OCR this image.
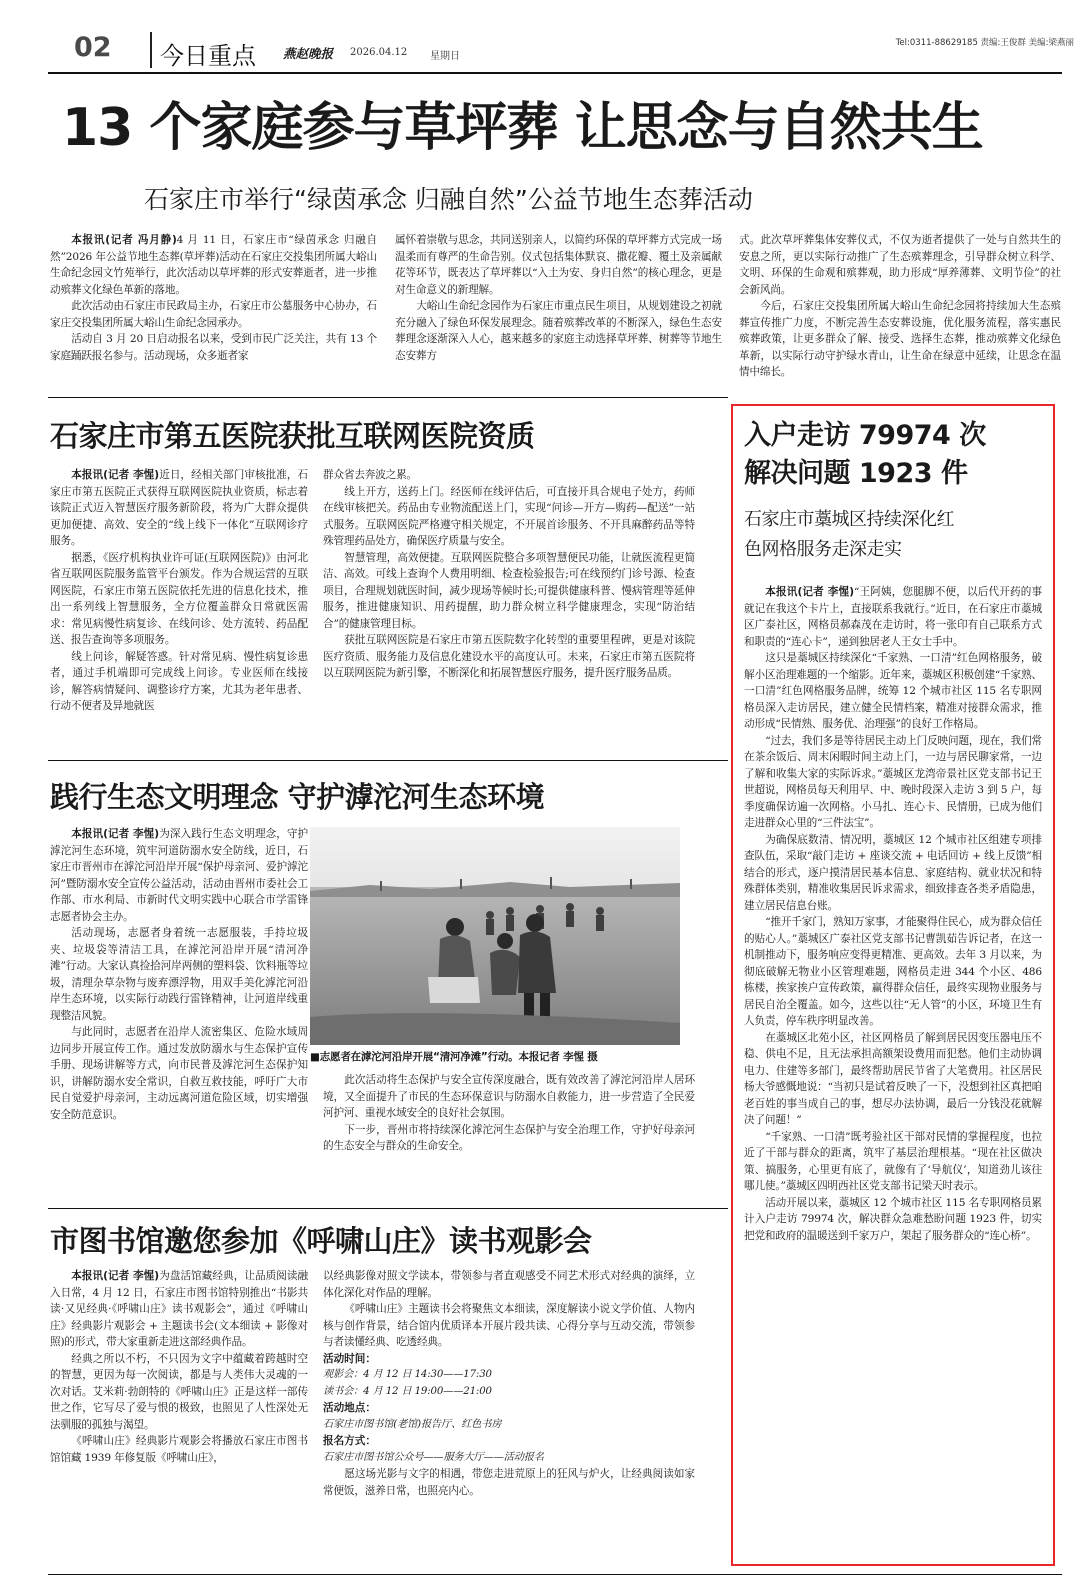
02 今日重点 燕赵晚报 2026.04.12 星期日
Tel:0311-88629185 责编:王俊群 美编:梁燕丽
13 个家庭参与草坪葬 让思念与自然共生
石家庄市举行“绿茵承念 归融自然”公益节地生态葬活动
本报讯(记者 冯月静)4 月 11 日，石家庄市“绿茵承念 归融自然”2026 年公益节地生态葬(草坪葬)活动在石家庄交投集团所属大峪山生命纪念园文竹苑举行，此次活动以草坪葬的形式安葬逝者，进一步推动殡葬文化绿色革新的落地。
此次活动由石家庄市民政局主办，石家庄市公墓服务中心协办，石家庄交投集团所属大峪山生命纪念园承办。
活动自 3 月 20 日启动报名以来，受到市民广泛关注，共有 13 个家庭踊跃报名参与。活动现场，众多逝者家
属怀着崇敬与思念，共同送别亲人，以简约环保的草坪葬方式完成一场温柔而有尊严的生命告别。仪式包括集体默哀、撒花瓣、覆土及亲属献花等环节，既表达了草坪葬以“入土为安、身归自然”的核心理念，更是对生命意义的新理解。
大峪山生命纪念园作为石家庄市重点民生项目，从规划建设之初就充分融入了绿色环保发展理念。随着殡葬改革的不断深入，绿色生态安葬理念逐渐深入人心，越来越多的家庭主动选择草坪葬、树葬等节地生态安葬方
式。此次草坪葬集体安葬仪式，不仅为逝者提供了一处与自然共生的安息之所，更以实际行动推广了生态殡葬理念，引导群众树立科学、文明、环保的生命观和殡葬观，助力形成“厚养薄葬、文明节俭”的社会新风尚。
今后，石家庄交投集团所属大峪山生命纪念园将持续加大生态殡葬宣传推广力度，不断完善生态安葬设施，优化服务流程，落实惠民殡葬政策，让更多群众了解、接受、选择生态葬，推动殡葬文化绿色革新，以实际行动守护绿水青山，让生命在绿意中延续，让思念在温情中绵长。
石家庄市第五医院获批互联网医院资质
本报讯(记者 李惺)近日，经相关部门审核批准，石家庄市第五医院正式获得互联网医院执业资质，标志着该院正式迈入智慧医疗服务新阶段，将为广大群众提供更加便捷、高效、安全的“线上线下一体化”互联网诊疗服务。
据悉，《医疗机构执业许可证(互联网医院)》由河北省互联网医院服务监管平台颁发。作为合规运营的互联网医院，石家庄市第五医院依托先进的信息化技术，推出一系列线上智慧服务，全方位覆盖群众日常就医需求：常见病慢性病复诊、在线问诊、处方流转、药品配送、报告查询等多项服务。
线上问诊，解疑答惑。针对常见病、慢性病复诊患者，通过手机端即可完成线上问诊。专业医师在线接诊，解答病情疑问、调整诊疗方案，尤其为老年患者、行动不便者及异地就医
群众省去奔波之累。
线上开方，送药上门。经医师在线评估后，可直接开具合规电子处方，药师在线审核把关。药品由专业物流配送上门，实现“问诊—开方—购药—配送”一站式服务。互联网医院严格遵守相关规定，不开展首诊服务、不开具麻醉药品等特殊管理药品处方，确保医疗质量与安全。
智慧管理，高效便捷。互联网医院整合多项智慧便民功能，让就医流程更简洁、高效。可线上查询个人费用明细、检查检验报告;可在线预约门诊号源、检查项目，合理规划就医时间，减少现场等候时长;可提供健康科普、慢病管理等延伸服务，推进健康知识、用药提醒，助力群众树立科学健康理念，实现“防治结合”的健康管理目标。
获批互联网医院是石家庄市第五医院数字化转型的重要里程碑，更是对该院医疗资质、服务能力及信息化建设水平的高度认可。未来，石家庄市第五医院将以互联网医院为新引擎，不断深化和拓展智慧医疗服务，提升医疗服务品质。
践行生态文明理念 守护滹沱河生态环境
本报讯(记者 李惺)为深入践行生态文明理念，守护滹沱河生态环境，筑牢河道防溺水安全防线，近日，石家庄市晋州市在滹沱河沿岸开展“保护母亲河、爱护滹沱河”暨防溺水安全宣传公益活动，活动由晋州市委社会工作部、市水利局、市新时代文明实践中心联合市学雷锋志愿者协会主办。
活动现场，志愿者身着统一志愿服装，手持垃圾夹、垃圾袋等清洁工具，在滹沱河沿岸开展“清河净滩”行动。大家认真捡拾河岸两侧的塑料袋、饮料瓶等垃圾，清理杂草杂物与废弃漂浮物，用双手美化滹沱河沿岸生态环境，以实际行动践行雷锋精神，让河道岸线重现整洁风貌。
与此同时，志愿者在沿岸人流密集区、危险水域周边同步开展宣传工作。通过发放防溺水与生态保护宣传手册、现场讲解等方式，向市民普及滹沱河生态保护知识，讲解防溺水安全常识，自救互救技能，呼吁广大市民自觉爱护母亲河，主动远离河道危险区域，切实增强安全防范意识。
■志愿者在滹沱河沿岸开展“清河净滩”行动。本报记者 李惺 摄
此次活动将生态保护与安全宣传深度融合，既有效改善了滹沱河沿岸人居环境，又全面提升了市民的生态环保意识与防溺水自救能力，进一步营造了全民爱河护河、重视水域安全的良好社会氛围。
下一步，晋州市将持续深化滹沱河生态保护与安全治理工作，守护好母亲河的生态安全与群众的生命安全。
市图书馆邀您参加《呼啸山庄》读书观影会
本报讯(记者 李惺)为盘活馆藏经典，让品质阅读融入日常，4 月 12 日，石家庄市图书馆特别推出“书影共读·又见经典·《呼啸山庄》读书观影会”，通过《呼啸山庄》经典影片观影会 + 主题读书会(文本细读 + 影像对照)的形式，带大家重新走进这部经典作品。
经典之所以不朽，不只因为文字中蕴藏着跨越时空的智慧，更因为每一次阅读，都是与人类伟大灵魂的一次对话。艾米莉·勃朗特的《呼啸山庄》正是这样一部传世之作，它写尽了爱与恨的极致，也照见了人性深处无法驯服的孤独与渴望。
《呼啸山庄》经典影片观影会将播放石家庄市图书馆馆藏 1939 年修复版《呼啸山庄》，
以经典影像对照文学读本，带领参与者直观感受不同艺术形式对经典的演绎，立体化深化对作品的理解。
《呼啸山庄》主题读书会将聚焦文本细读，深度解读小说文学价值、人物内核与创作背景，结合馆内优质译本开展片段共读、心得分享与互动交流，带领参与者读懂经典、吃透经典。
活动时间：
观影会：4 月 12 日 14:30——17:30
读书会：4 月 12 日 19:00——21:00
活动地点：
石家庄市图书馆(老馆)报告厅、红色书房
报名方式：
石家庄市图书馆公众号——服务大厅——活动报名
愿这场光影与文字的相遇，带您走进荒原上的狂风与炉火，让经典阅读如家常便饭，滋养日常，也照亮内心。
入户走访 79974 次
解决问题 1923 件
石家庄市藁城区持续深化红
色网格服务走深走实
本报讯(记者 李惺)“王阿姨，您腿脚不便，以后代开药的事就记在我这个卡片上，直接联系我就行。”近日，在石家庄市藁城区广泰社区，网格员郝森茂在走访时，将一张印有自己联系方式和职责的“连心卡”，递到独居老人王女士手中。
这只是藁城区持续深化“千家熟、一口清”红色网格服务，破解小区治理难题的一个缩影。近年来，藁城区积极创建“千家熟、一口清”红色网格服务品牌，统筹 12 个城市社区 115 名专职网格员深入走访居民，建立健全民情档案，精准对接群众需求，推动形成“民情熟、服务优、治理强”的良好工作格局。
“过去，我们多是等待居民主动上门反映问题，现在，我们常在茶余饭后、周末闲暇时间主动上门，一边与居民聊家常，一边了解和收集大家的实际诉求。”藁城区龙湾帝景社区党支部书记王世超说，网格员每天利用早、中、晚时段深入走访 3 到 5 户，每季度确保访遍一次网格。小马扎、连心卡、民情册，已成为他们走进群众心里的“三件法宝”。
为确保底数清、情况明，藁城区 12 个城市社区组建专项排查队伍，采取“敲门走访 + 座谈交流 + 电话回访 + 线上反馈”相结合的形式，逐户摸清居民基本信息、家庭结构、就业状况和特殊群体类别，精准收集居民诉求需求，细致排查各类矛盾隐患，建立居民信息台账。
“推开千家门，熟知万家事，才能聚得住民心，成为群众信任的贴心人。”藁城区广泰社区党支部书记曹凯茹告诉记者，在这一机制推动下，服务响应变得更精准、更高效。去年 3 月以来，为彻底破解无物业小区管理难题，网格员走进 344 个小区、486 栋楼，挨家挨户宣传政策，赢得群众信任，最终实现物业服务与居民自治全覆盖。如今，这些以往“无人管”的小区，环境卫生有人负责，停车秩序明显改善。
在藁城区北苑小区，社区网格员了解到居民因变压器电压不稳、供电不足，且无法承担高额架设费用而犯愁。他们主动协调电力、住建等多部门，最终帮助居民节省了大笔费用。社区居民杨大爷感慨地说：“当初只是试着反映了一下，没想到社区真把咱老百姓的事当成自己的事，想尽办法协调，最后一分钱没花就解决了问题！”
“千家熟、一口清”既考验社区干部对民情的掌握程度，也拉近了干部与群众的距离，筑牢了基层治理根基。“现在社区做决策、搞服务，心里更有底了，就像有了‘导航仪’，知道劲儿该往哪儿使。”藁城区四明西社区党支部书记梁天时表示。
活动开展以来，藁城区 12 个城市社区 115 名专职网格员累计入户走访 79974 次，解决群众急难愁盼问题 1923 件，切实把党和政府的温暖送到千家万户，架起了服务群众的“连心桥”。
